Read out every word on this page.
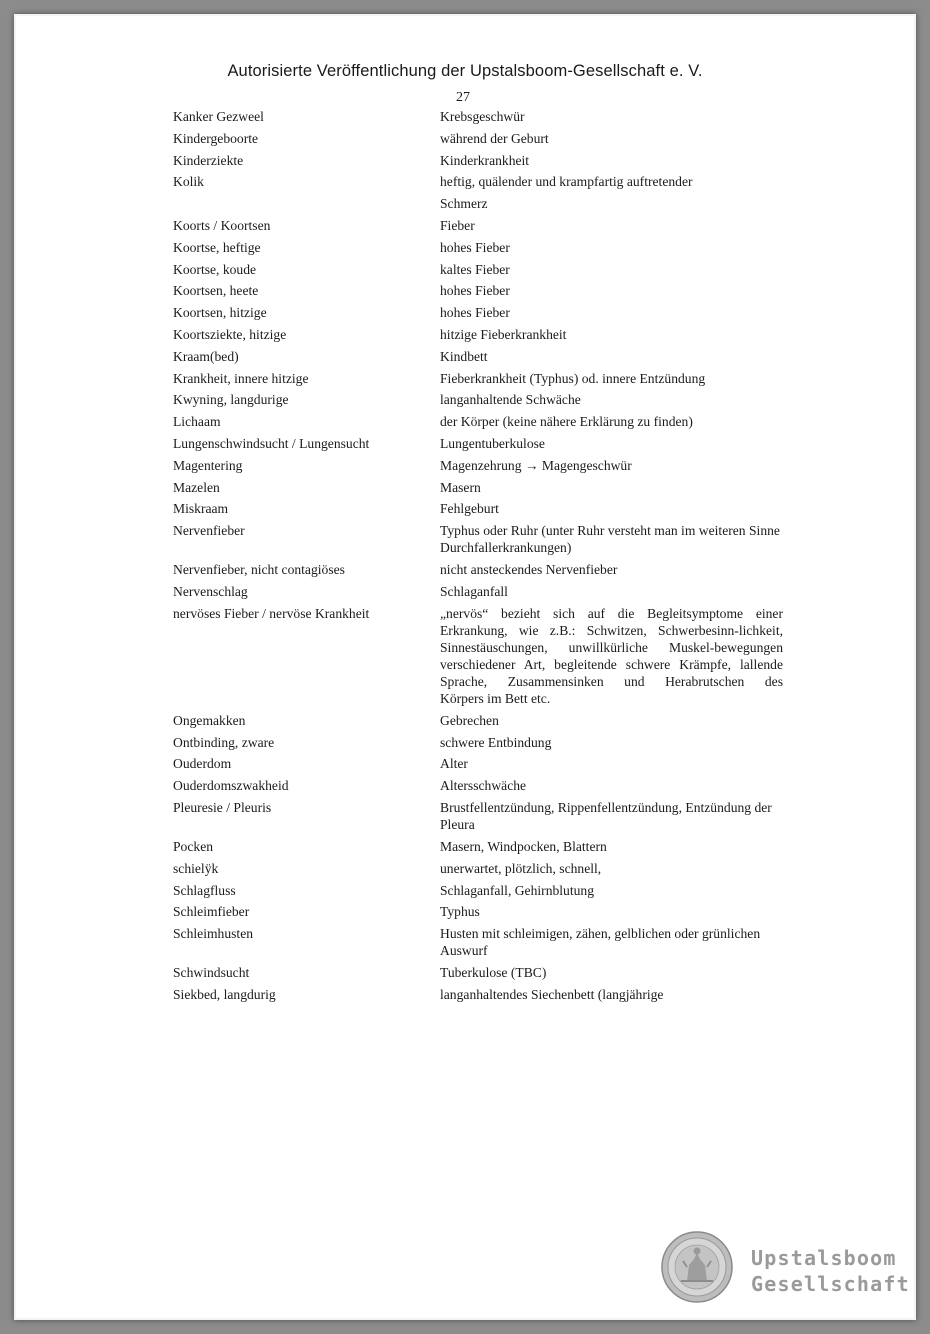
Autorisierte Veröffentlichung der Upstalsboom-Gesellschaft e. V.
27
Kanker Gezweel	Krebsgeschwür
Kindergeboorte	während der Geburt
Kinderziekte	Kinderkrankheit
Kolik	heftig, quälender und krampfartig auftretender
Schmerz
Koorts / Koortsen	Fieber
Koortse, heftige	hohes Fieber
Koortse, koude	kaltes Fieber
Koortsen, heete	hohes Fieber
Koortsen, hitzige	hohes Fieber
Koortsziekte, hitzige	hitzige Fieberkrankheit
Kraam(bed)	Kindbett
Krankheit, innere hitzige	Fieberkrankheit (Typhus) od. innere Entzündung
Kwyning, langdurige	langanhaltende Schwäche
Lichaam	der Körper (keine nähere Erklärung zu finden)
Lungenschwindsucht / Lungensucht	Lungentuberkulose
Magentering	Magenzehrung → Magengeschwür
Mazelen	Masern
Miskraam	Fehlgeburt
Nervenfieber	Typhus oder Ruhr (unter Ruhr versteht man im weiteren Sinne Durchfallerkrankungen)
Nervenfieber, nicht contagiöses	nicht ansteckendes Nervenfieber
Nervenschlag	Schlaganfall
nervöses Fieber / nervöse Krankheit	„nervös“ bezieht sich auf die Begleitsymptome einer Erkrankung, wie z.B.: Schwitzen, Schwerbesinn-lichkeit, Sinnestäuschungen, unwillkürliche Muskel-bewegungen verschiedener Art, begleitende schwere Krämpfe, lallende Sprache, Zusammensinken und Herabrutschen des
Körpers im Bett etc.
Ongemakken	Gebrechen
Ontbinding, zware	schwere Entbindung
Ouderdom	Alter
Ouderdomszwakheid	Altersschwäche
Pleuresie / Pleuris	Brustfellentzündung, Rippenfellentzündung, Entzündung der Pleura
Pocken	Masern, Windpocken, Blattern
schielÿk	unerwartet, plötzlich, schnell,
Schlagfluss	Schlaganfall, Gehirnblutung
Schleimfieber	Typhus
Schleimhusten	Husten mit schleimigen, zähen, gelblichen oder grünlichen Auswurf
Schwindsucht	Tuberkulose (TBC)
Siekbed, langdurig	langanhaltendes Siechenbett (langjährige
Upstalsboom
Gesellschaft
